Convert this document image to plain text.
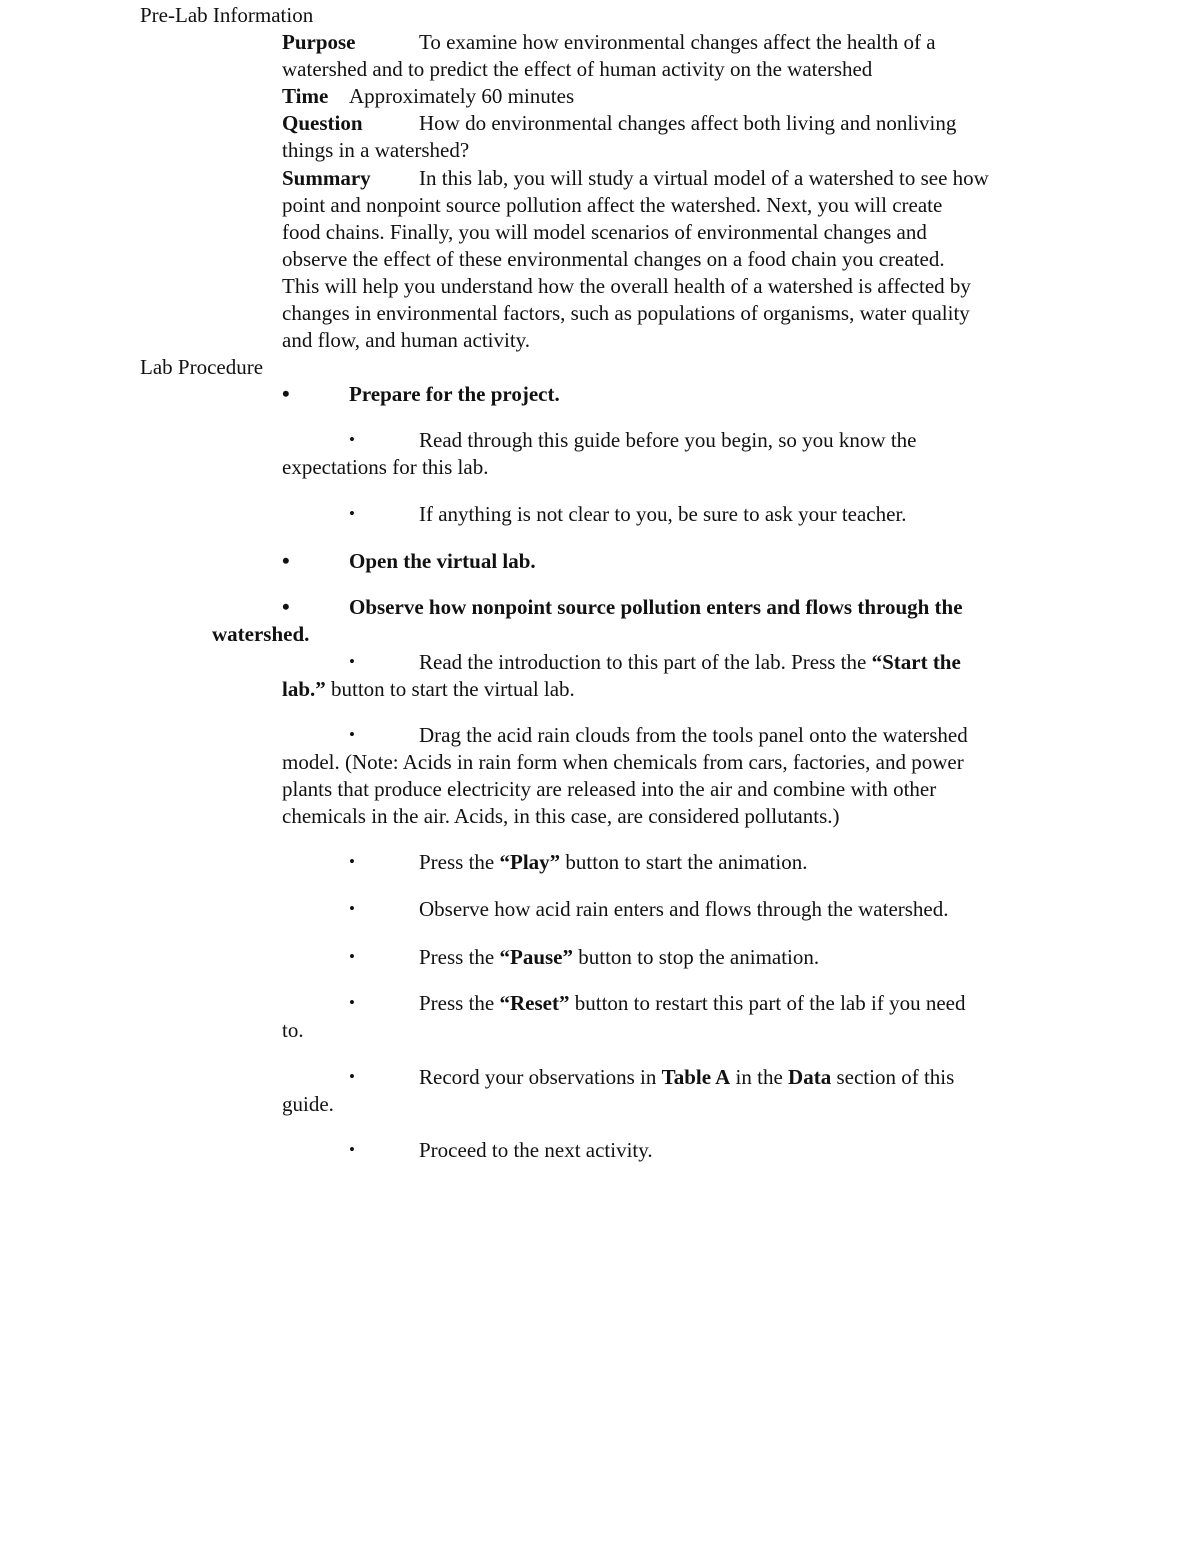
Pre-Lab Information
Purpose	To examine how environmental changes affect the health of a
watershed and to predict the effect of human activity on the watershed
Time Approximately 60 minutes
Question	How do environmental changes affect both living and nonliving
things in a watershed?
Summary In this lab, you will study a virtual model of a watershed to see how
point and nonpoint source pollution affect the watershed. Next, you will create
food chains. Finally, you will model scenarios of environmental changes and
observe the effect of these environmental changes on a food chain you created.
This will help you understand how the overall health of a watershed is affected by
changes in environmental factors, such as populations of organisms, water quality
and flow, and human activity.
Lab Procedure
•	Prepare for the project.
•	Read through this guide before you begin, so you know the
expectations for this lab.
•	If anything is not clear to you, be sure to ask your teacher.
•	Open the virtual lab.
•	Observe how nonpoint source pollution enters and flows through the
watershed.
•	Read the introduction to this part of the lab. Press the “Start the
lab.” button to start the virtual lab.
•	Drag the acid rain clouds from the tools panel onto the watershed
model. (Note: Acids in rain form when chemicals from cars, factories, and power
plants that produce electricity are released into the air and combine with other
chemicals in the air. Acids, in this case, are considered pollutants.)
•	Press the “Play” button to start the animation.
•	Observe how acid rain enters and flows through the watershed.
•	Press the “Pause” button to stop the animation.
•	Press the “Reset” button to restart this part of the lab if you need
to.
•	Record your observations in Table A in the Data section of this
guide.
•	Proceed to the next activity.
